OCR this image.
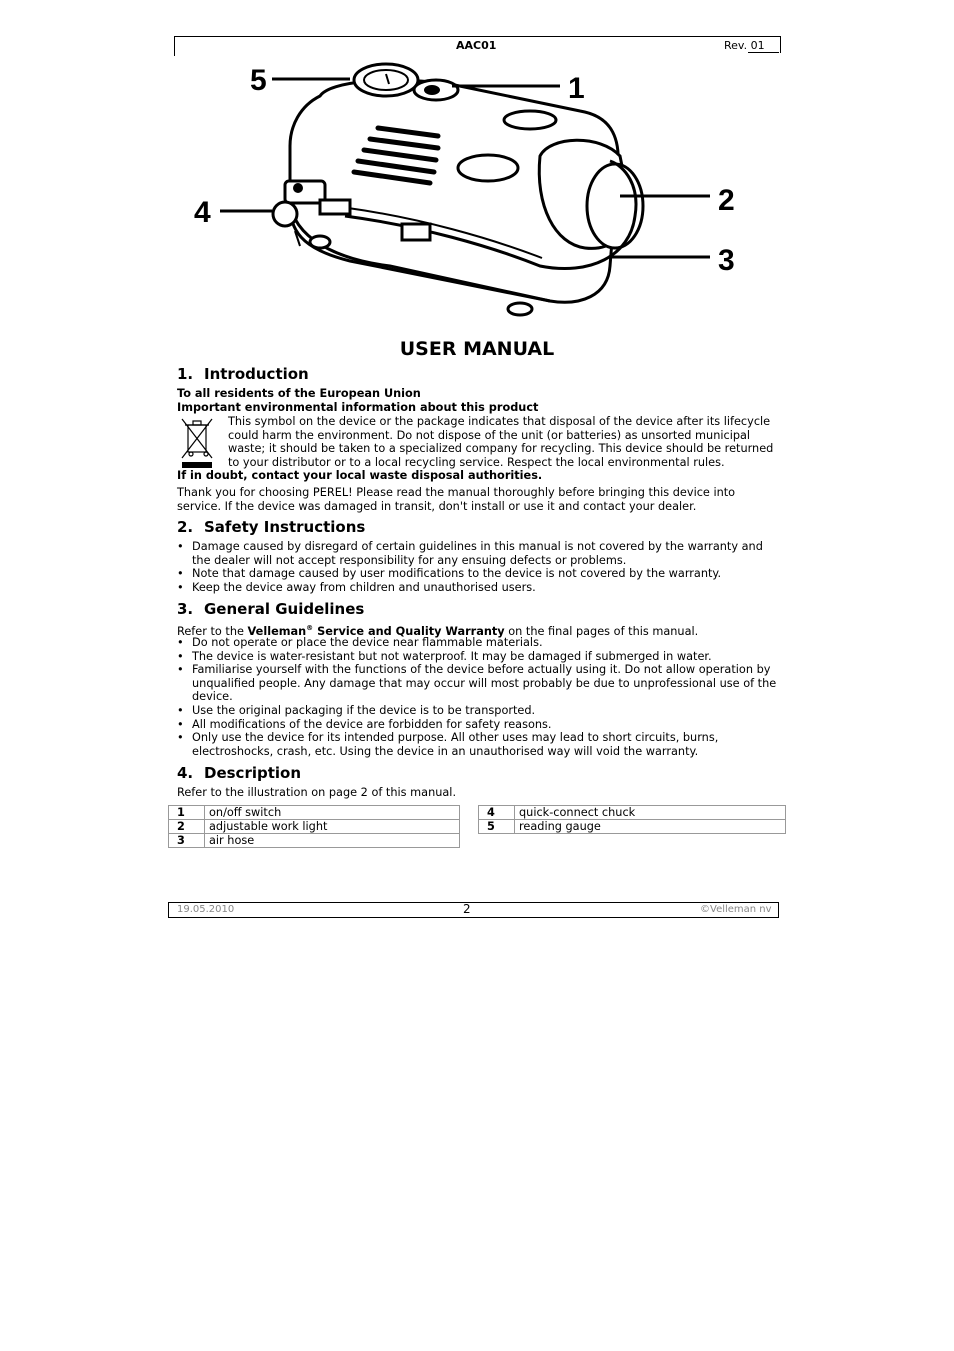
AAC01	Rev. 01
5	1
2
4
3
USER MANUAL
1. Introduction
To all residents of the European Union
Important environmental information about this product
This symbol on the device or the package indicates that disposal of the device after its lifecycle could harm the environment. Do not dispose of the unit (or batteries) as unsorted municipal waste; it should be taken to a specialized company for recycling. This device should be returned to your distributor or to a local recycling service. Respect the local environmental rules.
If in doubt, contact your local waste disposal authorities.
Thank you for choosing PEREL! Please read the manual thoroughly before bringing this device into service. If the device was damaged in transit, don't install or use it and contact your dealer.
2. Safety Instructions
• Damage caused by disregard of certain guidelines in this manual is not covered by the warranty and the dealer will not accept responsibility for any ensuing defects or problems.
• Note that damage caused by user modifications to the device is not covered by the warranty.
• Keep the device away from children and unauthorised users.
3. General Guidelines
Refer to the Velleman® Service and Quality Warranty on the final pages of this manual.
• Do not operate or place the device near flammable materials.
• The device is water-resistant but not waterproof. It may be damaged if submerged in water.
• Familiarise yourself with the functions of the device before actually using it. Do not allow operation by unqualified people. Any damage that may occur will most probably be due to unprofessional use of the device.
• Use the original packaging if the device is to be transported.
• All modifications of the device are forbidden for safety reasons.
• Only use the device for its intended purpose. All other uses may lead to short circuits, burns, electroshocks, crash, etc. Using the device in an unauthorised way will void the warranty.
4. Description
Refer to the illustration on page 2 of this manual.
1	on/off switch
2	adjustable work light
3	air hose
4	quick-connect chuck
5	reading gauge
19.05.2010	2	©Velleman nv
